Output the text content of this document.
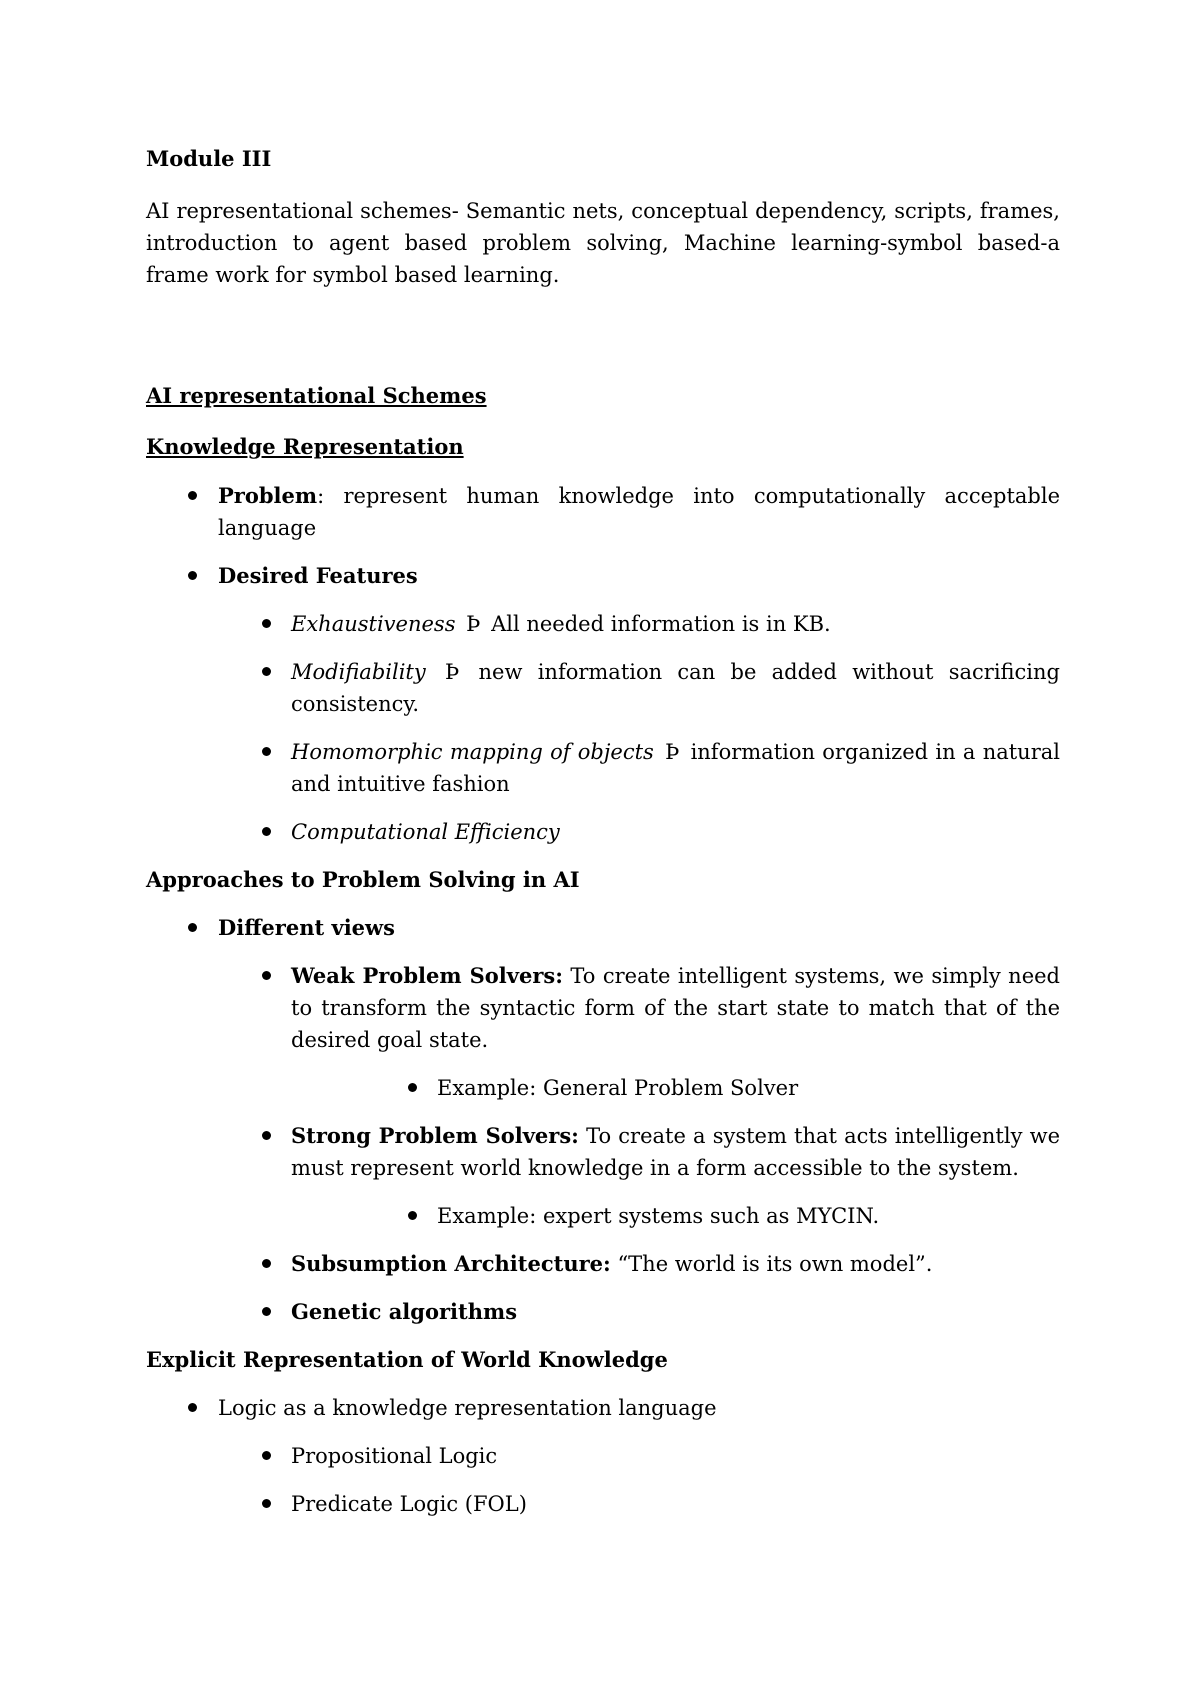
Module III

AI representational schemes- Semantic nets, conceptual dependency, scripts, frames, introduction to agent based problem solving, Machine learning-symbol based-a frame work for symbol based learning.

AI representational Schemes

Knowledge Representation

Problem: represent human knowledge into computationally acceptable language
Desired Features
Exhaustiveness Þ All needed information is in KB.
Modifiability Þ new information can be added without sacrificing consistency.
Homomorphic mapping of objects Þ information organized in a natural and intuitive fashion
Computational Efficiency

Approaches to Problem Solving in AI

Different views
Weak Problem Solvers: To create intelligent systems, we simply need to transform the syntactic form of the start state to match that of the desired goal state.
Example: General Problem Solver
Strong Problem Solvers: To create a system that acts intelligently we must represent world knowledge in a form accessible to the system.
Example: expert systems such as MYCIN.
Subsumption Architecture: “The world is its own model”.
Genetic algorithms

Explicit Representation of World Knowledge

Logic as a knowledge representation language
Propositional Logic
Predicate Logic (FOL)
